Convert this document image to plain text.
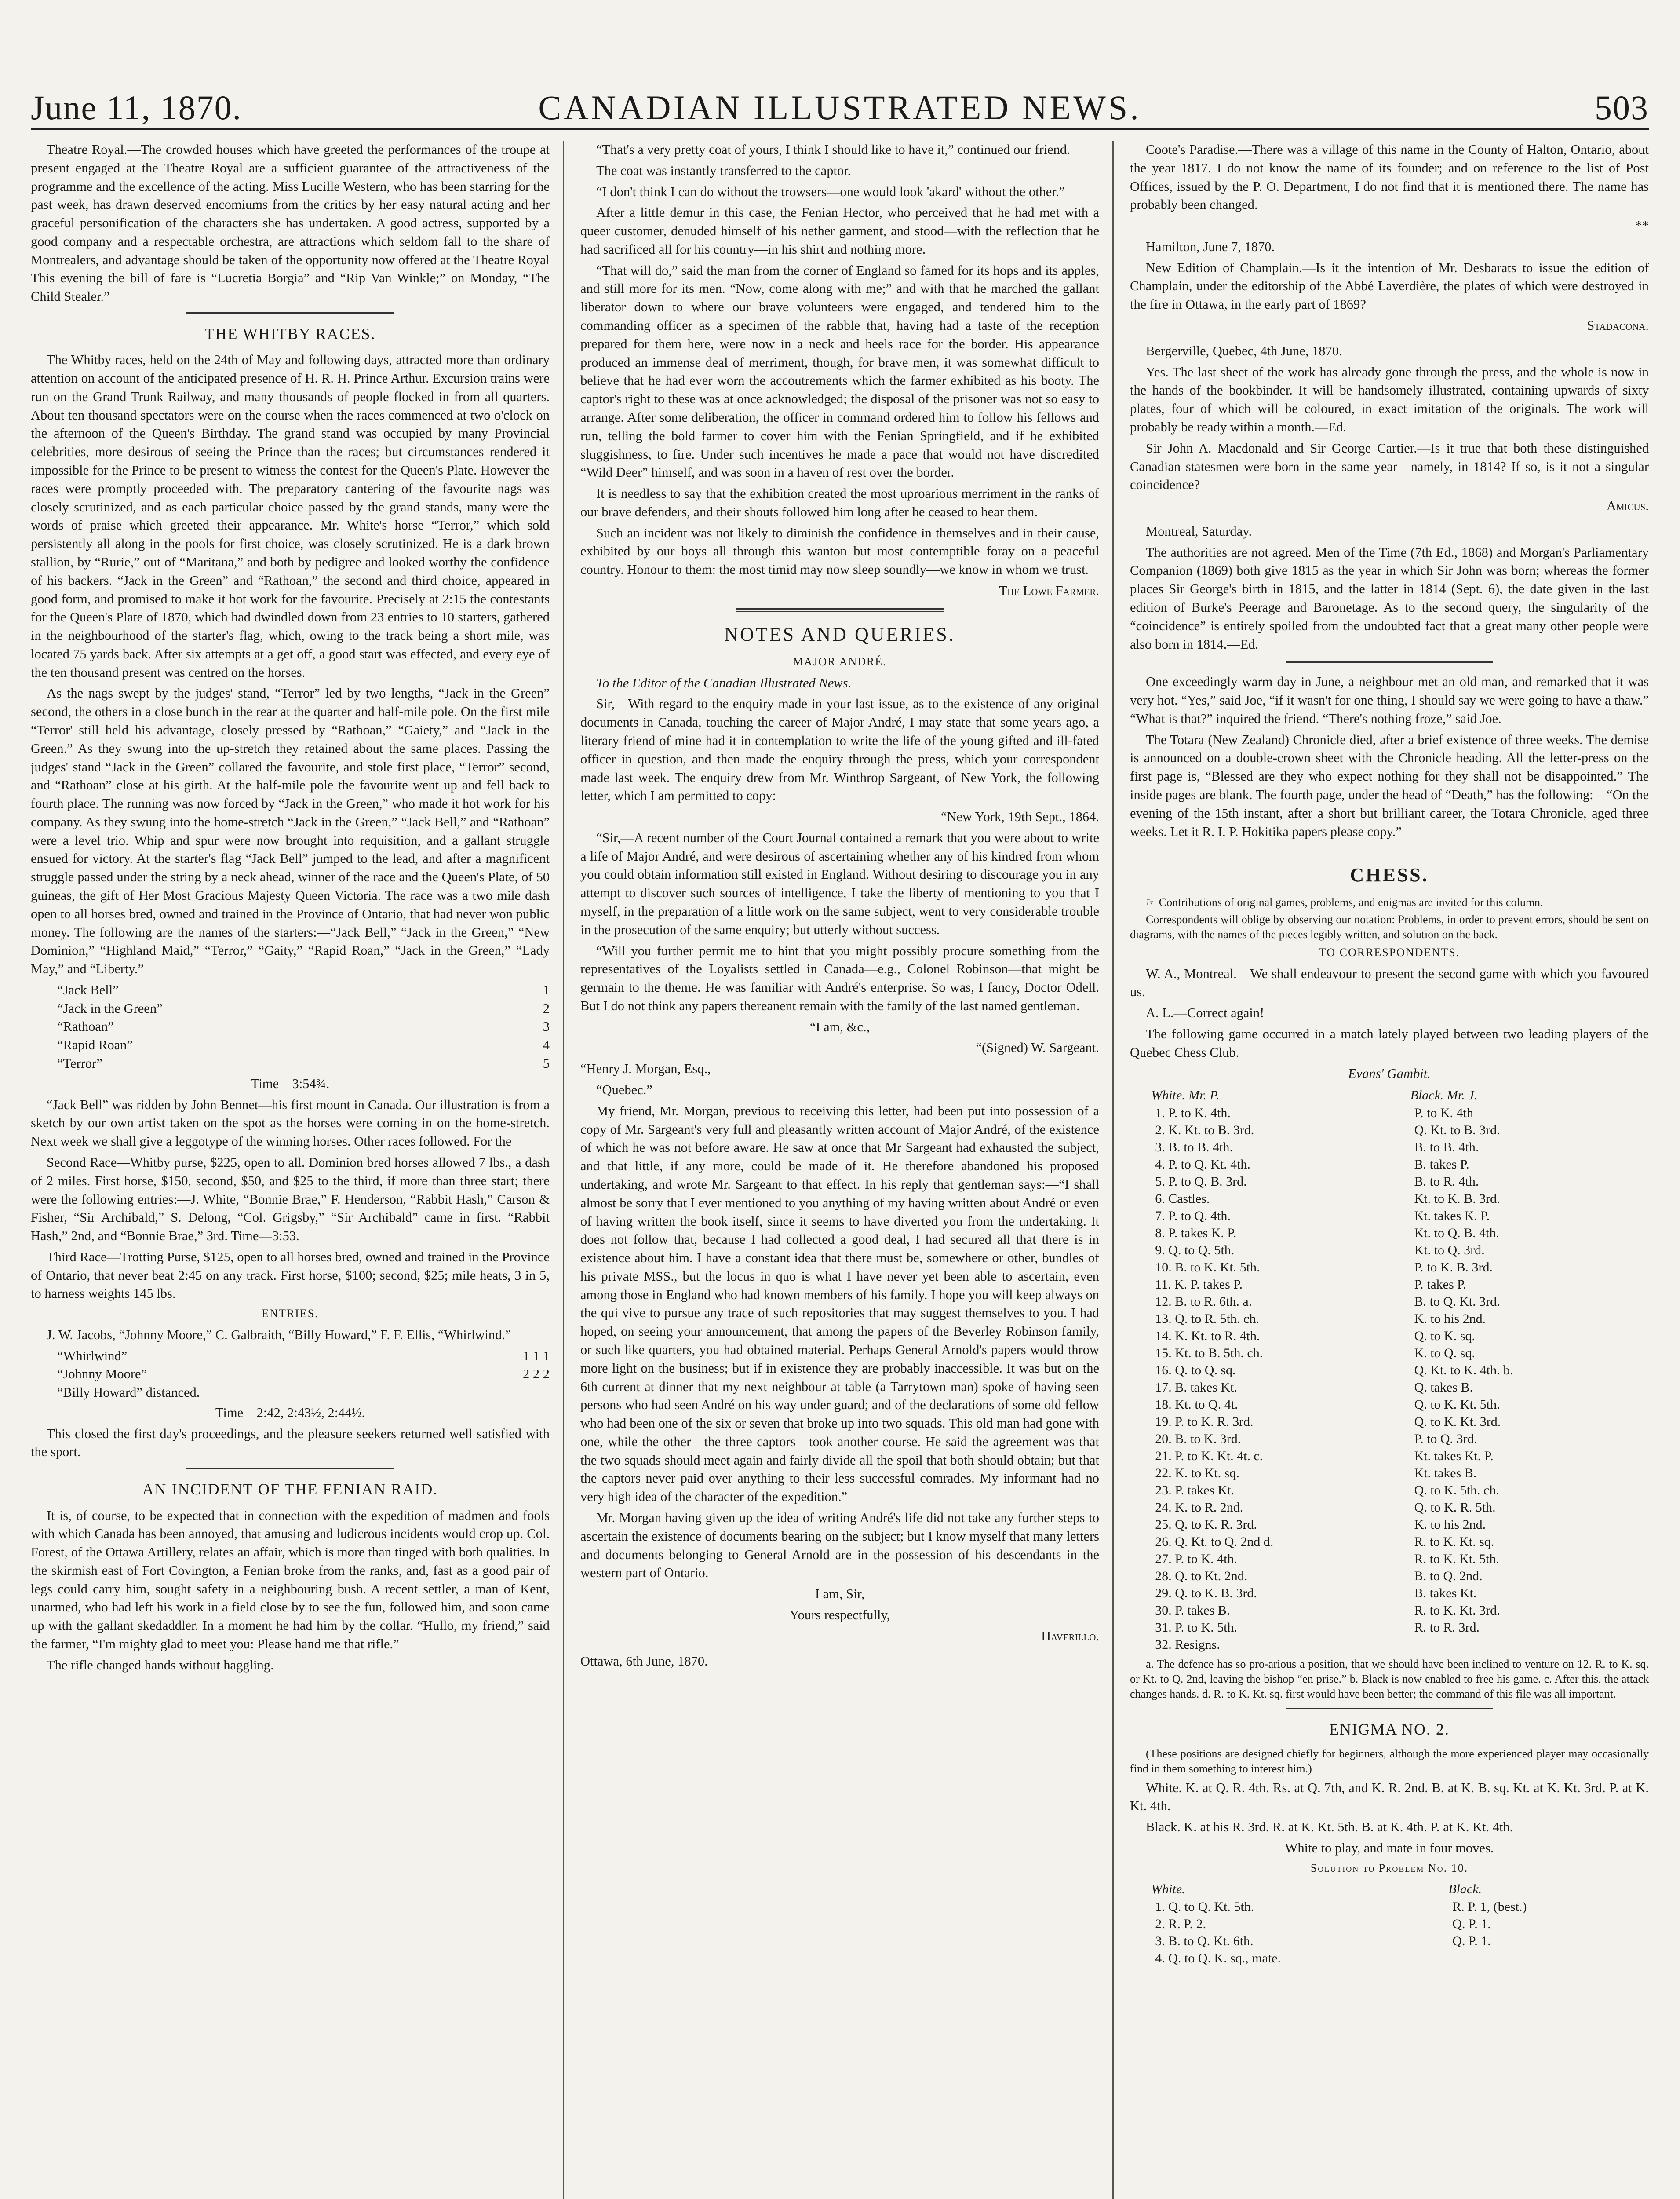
June 11, 1870.	CANADIAN ILLUSTRATED NEWS.	503

Theatre Royal.—The crowded houses which have greeted the performances of the troupe at present engaged at the Theatre Royal are a sufficient guarantee of the attractiveness of the programme and the excellence of the acting. Miss Lucille Western, who has been starring for the past week, has drawn deserved encomiums from the critics by her easy natural acting and her graceful personification of the characters she has undertaken. A good actress, supported by a good company and a respectable orchestra, are attractions which seldom fall to the share of Montrealers, and advantage should be taken of the opportunity now offered at the Theatre Royal This evening the bill of fare is “Lucretia Borgia” and “Rip Van Winkle;” on Monday, “The Child Stealer.”

THE WHITBY RACES.

The Whitby races, held on the 24th of May and following days, attracted more than ordinary attention on account of the anticipated presence of H. R. H. Prince Arthur. Excursion trains were run on the Grand Trunk Railway, and many thousands of people flocked in from all quarters. About ten thousand spectators were on the course when the races commenced at two o'clock on the afternoon of the Queen's Birthday. The grand stand was occupied by many Provincial celebrities, more desirous of seeing the Prince than the races; but circumstances rendered it impossible for the Prince to be present to witness the contest for the Queen's Plate. However the races were promptly proceeded with. The preparatory cantering of the favourite nags was closely scrutinized, and as each particular choice passed by the grand stands, many were the words of praise which greeted their appearance. Mr. White's horse “Terror,” which sold persistently all along in the pools for first choice, was closely scrutinized. He is a dark brown stallion, by “Rurie,” out of “Maritana,” and both by pedigree and looked worthy the confidence of his backers. “Jack in the Green” and “Rathoan,” the second and third choice, appeared in good form, and promised to make it hot work for the favourite. Precisely at 2:15 the contestants for the Queen's Plate of 1870, which had dwindled down from 23 entries to 10 starters, gathered in the neighbourhood of the starter's flag, which, owing to the track being a short mile, was located 75 yards back. After six attempts at a get off, a good start was effected, and every eye of the ten thousand present was centred on the horses.

As the nags swept by the judges' stand, “Terror” led by two lengths, “Jack in the Green” second, the others in a close bunch in the rear at the quarter and half-mile pole. On the first mile “Terror' still held his advantage, closely pressed by “Rathoan,” “Gaiety,” and “Jack in the Green.” As they swung into the up-stretch they retained about the same places. Passing the judges' stand “Jack in the Green” collared the favourite, and stole first place, “Terror” second, and “Rathoan” close at his girth. At the half-mile pole the favourite went up and fell back to fourth place. The running was now forced by “Jack in the Green,” who made it hot work for his company. As they swung into the home-stretch “Jack in the Green,” “Jack Bell,” and “Rathoan” were a level trio. Whip and spur were now brought into requisition, and a gallant struggle ensued for victory. At the starter's flag “Jack Bell” jumped to the lead, and after a magnificent struggle passed under the string by a neck ahead, winner of the race and the Queen's Plate, of 50 guineas, the gift of Her Most Gracious Majesty Queen Victoria. The race was a two mile dash open to all horses bred, owned and trained in the Province of Ontario, that had never won public money. The following are the names of the starters:—“Jack Bell,” “Jack in the Green,” “New Dominion,” “Highland Maid,” “Terror,” “Gaity,” “Rapid Roan,” “Jack in the Green,” “Lady May,” and “Liberty.”

“Jack Bell”	1
“Jack in the Green”	2
“Rathoan”	3
“Rapid Roan”	4
“Terror”	5

Time—3:54¾.

“Jack Bell” was ridden by John Bennet—his first mount in Canada. Our illustration is from a sketch by our own artist taken on the spot as the horses were coming in on the home-stretch. Next week we shall give a leggotype of the winning horses. Other races followed. For the

Second Race—Whitby purse, $225, open to all. Dominion bred horses allowed 7 lbs., a dash of 2 miles. First horse, $150, second, $50, and $25 to the third, if more than three start; there were the following entries:—J. White, “Bonnie Brae,” F. Henderson, “Rabbit Hash,” Carson & Fisher, “Sir Archibald,” S. Delong, “Col. Grigsby,” “Sir Archibald” came in first. “Rabbit Hash,” 2nd, and “Bonnie Brae,” 3rd. Time—3:53.

Third Race—Trotting Purse, $125, open to all horses bred, owned and trained in the Province of Ontario, that never beat 2:45 on any track. First horse, $100; second, $25; mile heats, 3 in 5, to harness weights 145 lbs.

ENTRIES.

J. W. Jacobs, “Johnny Moore,” C. Galbraith, “Billy Howard,” F. F. Ellis, “Whirlwind.”

“Whirlwind”	1 1 1
“Johnny Moore”	2 2 2
“Billy Howard” distanced.

Time—2:42, 2:43½, 2:44½.

This closed the first day's proceedings, and the pleasure seekers returned well satisfied with the sport.

AN INCIDENT OF THE FENIAN RAID.

It is, of course, to be expected that in connection with the expedition of madmen and fools with which Canada has been annoyed, that amusing and ludicrous incidents would crop up. Col. Forest, of the Ottawa Artillery, relates an affair, which is more than tinged with both qualities. In the skirmish east of Fort Covington, a Fenian broke from the ranks, and, fast as a good pair of legs could carry him, sought safety in a neighbouring bush. A recent settler, a man of Kent, unarmed, who had left his work in a field close by to see the fun, followed him, and soon came up with the gallant skedaddler. In a moment he had him by the collar. “Hullo, my friend,” said the farmer, “I'm mighty glad to meet you: Please hand me that rifle.”

The rifle changed hands without haggling.

“That's a very pretty coat of yours, I think I should like to have it,” continued our friend.

The coat was instantly transferred to the captor.

“I don't think I can do without the trowsers—one would look 'akard' without the other.”

After a little demur in this case, the Fenian Hector, who perceived that he had met with a queer customer, denuded himself of his nether garment, and stood—with the reflection that he had sacrificed all for his country—in his shirt and nothing more.

“That will do,” said the man from the corner of England so famed for its hops and its apples, and still more for its men. “Now, come along with me;” and with that he marched the gallant liberator down to where our brave volunteers were engaged, and tendered him to the commanding officer as a specimen of the rabble that, having had a taste of the reception prepared for them here, were now in a neck and heels race for the border. His appearance produced an immense deal of merriment, though, for brave men, it was somewhat difficult to believe that he had ever worn the accoutrements which the farmer exhibited as his booty. The captor's right to these was at once acknowledged; the disposal of the prisoner was not so easy to arrange. After some deliberation, the officer in command ordered him to follow his fellows and run, telling the bold farmer to cover him with the Fenian Springfield, and if he exhibited sluggishness, to fire. Under such incentives he made a pace that would not have discredited “Wild Deer” himself, and was soon in a haven of rest over the border.

It is needless to say that the exhibition created the most uproarious merriment in the ranks of our brave defenders, and their shouts followed him long after he ceased to hear them.

Such an incident was not likely to diminish the confidence in themselves and in their cause, exhibited by our boys all through this wanton but most contemptible foray on a peaceful country. Honour to them: the most timid may now sleep soundly—we know in whom we trust.

The Lowe Farmer.
NOTES AND QUERIES.
MAJOR ANDRÉ.

To the Editor of the Canadian Illustrated News.

Sir,—With regard to the enquiry made in your last issue, as to the existence of any original documents in Canada, touching the career of Major André, I may state that some years ago, a literary friend of mine had it in contemplation to write the life of the young gifted and ill-fated officer in question, and then made the enquiry through the press, which your correspondent made last week. The enquiry drew from Mr. Winthrop Sargeant, of New York, the following letter, which I am permitted to copy:

“New York, 19th Sept., 1864.

“Sir,—A recent number of the Court Journal contained a remark that you were about to write a life of Major André, and were desirous of ascertaining whether any of his kindred from whom you could obtain information still existed in England. Without desiring to discourage you in any attempt to discover such sources of intelligence, I take the liberty of mentioning to you that I myself, in the preparation of a little work on the same subject, went to very considerable trouble in the prosecution of the same enquiry; but utterly without success.

“Will you further permit me to hint that you might possibly procure something from the representatives of the Loyalists settled in Canada—e.g., Colonel Robinson—that might be germain to the theme. He was familiar with André's enterprise. So was, I fancy, Doctor Odell. But I do not think any papers thereanent remain with the family of the last named gentleman.

“I am, &c.,

“(Signed) W. Sargeant.

“Henry J. Morgan, Esq.,

“Quebec.”

My friend, Mr. Morgan, previous to receiving this letter, had been put into possession of a copy of Mr. Sargeant's very full and pleasantly written account of Major André, of the existence of which he was not before aware. He saw at once that Mr Sargeant had exhausted the subject, and that little, if any more, could be made of it. He therefore abandoned his proposed undertaking, and wrote Mr. Sargeant to that effect. In his reply that gentleman says:—“I shall almost be sorry that I ever mentioned to you anything of my having written about André or even of having written the book itself, since it seems to have diverted you from the undertaking. It does not follow that, because I had collected a good deal, I had secured all that there is in existence about him. I have a constant idea that there must be, somewhere or other, bundles of his private MSS., but the locus in quo is what I have never yet been able to ascertain, even among those in England who had known members of his family. I hope you will keep always on the qui vive to pursue any trace of such repositories that may suggest themselves to you. I had hoped, on seeing your announcement, that among the papers of the Beverley Robinson family, or such like quarters, you had obtained material. Perhaps General Arnold's papers would throw more light on the business; but if in existence they are probably inaccessible. It was but on the 6th current at dinner that my next neighbour at table (a Tarrytown man) spoke of having seen persons who had seen André on his way under guard; and of the declarations of some old fellow who had been one of the six or seven that broke up into two squads. This old man had gone with one, while the other—the three captors—took another course. He said the agreement was that the two squads should meet again and fairly divide all the spoil that both should obtain; but that the captors never paid over anything to their less successful comrades. My informant had no very high idea of the character of the expedition.”

Mr. Morgan having given up the idea of writing André's life did not take any further steps to ascertain the existence of documents bearing on the subject; but I know myself that many letters and documents belonging to General Arnold are in the possession of his descendants in the western part of Ontario.

I am, Sir,

Yours respectfully,

Haverillo.

Ottawa, 6th June, 1870.

Coote's Paradise.—There was a village of this name in the County of Halton, Ontario, about the year 1817. I do not know the name of its founder; and on reference to the list of Post Offices, issued by the P. O. Department, I do not find that it is mentioned there. The name has probably been changed.

**

Hamilton, June 7, 1870.

New Edition of Champlain.—Is it the intention of Mr. Desbarats to issue the edition of Champlain, under the editorship of the Abbé Laverdière, the plates of which were destroyed in the fire in Ottawa, in the early part of 1869?

Stadacona.

Bergerville, Quebec, 4th June, 1870.

Yes. The last sheet of the work has already gone through the press, and the whole is now in the hands of the bookbinder. It will be handsomely illustrated, containing upwards of sixty plates, four of which will be coloured, in exact imitation of the originals. The work will probably be ready within a month.—Ed.

Sir John A. Macdonald and Sir George Cartier.—Is it true that both these distinguished Canadian statesmen were born in the same year—namely, in 1814? If so, is it not a singular coincidence?

Amicus.

Montreal, Saturday.

The authorities are not agreed. Men of the Time (7th Ed., 1868) and Morgan's Parliamentary Companion (1869) both give 1815 as the year in which Sir John was born; whereas the former places Sir George's birth in 1815, and the latter in 1814 (Sept. 6), the date given in the last edition of Burke's Peerage and Baronetage. As to the second query, the singularity of the “coincidence” is entirely spoiled from the undoubted fact that a great many other people were also born in 1814.—Ed.

One exceedingly warm day in June, a neighbour met an old man, and remarked that it was very hot. “Yes,” said Joe, “if it wasn't for one thing, I should say we were going to have a thaw.” “What is that?” inquired the friend. “There's nothing froze,” said Joe.

The Totara (New Zealand) Chronicle died, after a brief existence of three weeks. The demise is announced on a double-crown sheet with the Chronicle heading. All the letter-press on the first page is, “Blessed are they who expect nothing for they shall not be disappointed.” The inside pages are blank. The fourth page, under the head of “Death,” has the following:—“On the evening of the 15th instant, after a short but brilliant career, the Totara Chronicle, aged three weeks. Let it R. I. P. Hokitika papers please copy.”

CHESS.

☞ Contributions of original games, problems, and enigmas are invited for this column.

Correspondents will oblige by observing our notation: Problems, in order to prevent errors, should be sent on diagrams, with the names of the pieces legibly written, and solution on the back.

TO CORRESPONDENTS.

W. A., Montreal.—We shall endeavour to present the second game with which you favoured us.

A. L.—Correct again!

The following game occurred in a match lately played between two leading players of the Quebec Chess Club.

Evans' Gambit.

White. Mr. P.	Black. Mr. J.
1. P. to K. 4th.	P. to K. 4th
2. K. Kt. to B. 3rd.	Q. Kt. to B. 3rd.
3. B. to B. 4th.	B. to B. 4th.
4. P. to Q. Kt. 4th.	B. takes P.
5. P. to Q. B. 3rd.	B. to R. 4th.
6. Castles.	Kt. to K. B. 3rd.
7. P. to Q. 4th.	Kt. takes K. P.
8. P. takes K. P.	Kt. to Q. B. 4th.
9. Q. to Q. 5th.	Kt. to Q. 3rd.
10. B. to K. Kt. 5th.	P. to K. B. 3rd.
11. K. P. takes P.	P. takes P.
12. B. to R. 6th. a.	B. to Q. Kt. 3rd.
13. Q. to R. 5th. ch.	K. to his 2nd.
14. K. Kt. to R. 4th.	Q. to K. sq.
15. Kt. to B. 5th. ch.	K. to Q. sq.
16. Q. to Q. sq.	Q. Kt. to K. 4th. b.
17. B. takes Kt.	Q. takes B.
18. Kt. to Q. 4t.	Q. to K. Kt. 5th.
19. P. to K. R. 3rd.	Q. to K. Kt. 3rd.
20. B. to K. 3rd.	P. to Q. 3rd.
21. P. to K. Kt. 4t. c.	Kt. takes Kt. P.
22. K. to Kt. sq.	Kt. takes B.
23. P. takes Kt.	Q. to K. 5th. ch.
24. K. to R. 2nd.	Q. to K. R. 5th.
25. Q. to K. R. 3rd.	K. to his 2nd.
26. Q. Kt. to Q. 2nd d.	R. to K. Kt. sq.
27. P. to K. 4th.	R. to K. Kt. 5th.
28. Q. to Kt. 2nd.	B. to Q. 2nd.
29. Q. to K. B. 3rd.	B. takes Kt.
30. P. takes B.	R. to K. Kt. 3rd.
31. P. to K. 5th.	R. to R. 3rd.
32. Resigns.	

a. The defence has so pro-arious a position, that we should have been inclined to venture on 12. R. to K. sq. or Kt. to Q. 2nd, leaving the bishop “en prise.” b. Black is now enabled to free his game. c. After this, the attack changes hands. d. R. to K. Kt. sq. first would have been better; the command of this file was all important.

ENIGMA NO. 2.

(These positions are designed chiefly for beginners, although the more experienced player may occasionally find in them something to interest him.)

White. K. at Q. R. 4th. Rs. at Q. 7th, and K. R. 2nd. B. at K. B. sq. Kt. at K. Kt. 3rd. P. at K. Kt. 4th.

Black. K. at his R. 3rd. R. at K. Kt. 5th. B. at K. 4th. P. at K. Kt. 4th.

White to play, and mate in four moves.

Solution to Problem No. 10.
White.	Black.
1. Q. to Q. Kt. 5th.	R. P. 1, (best.)
2. R. P. 2.	Q. P. 1.
3. B. to Q. Kt. 6th.	Q. P. 1.
4. Q. to Q. K. sq., mate.	
